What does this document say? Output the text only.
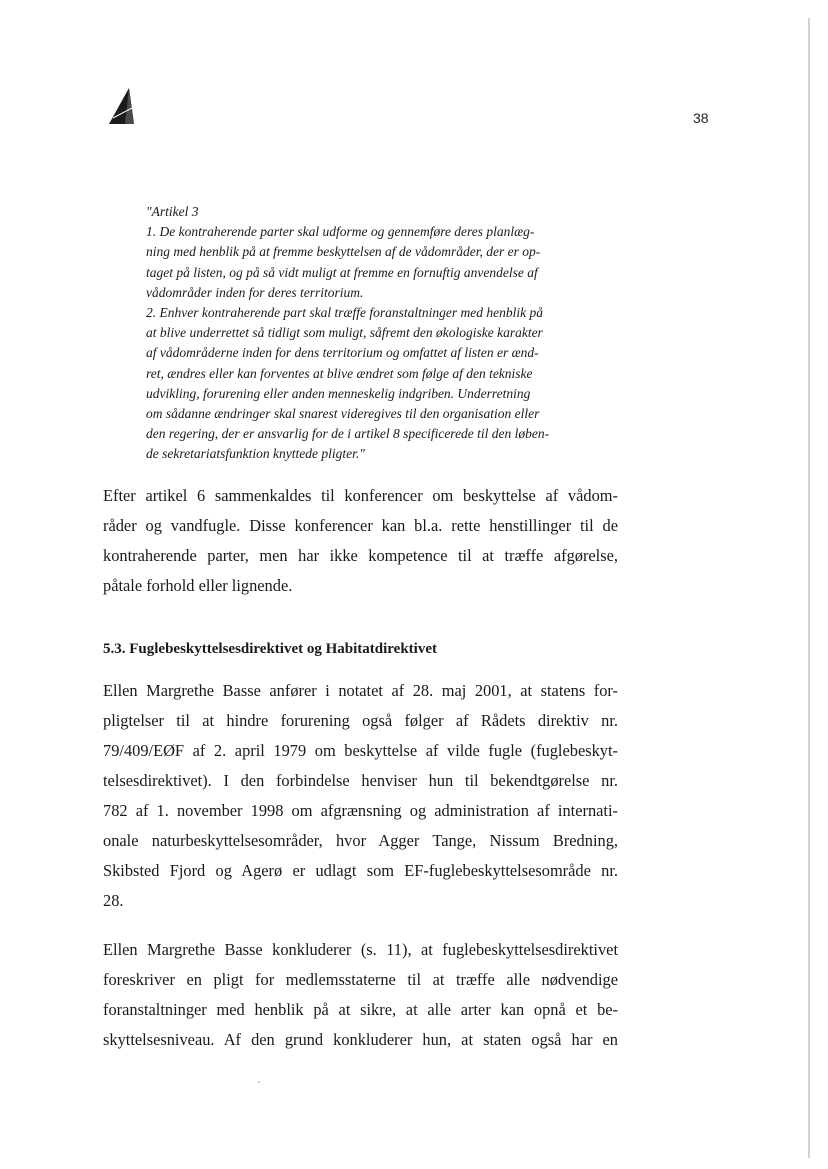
38
"Artikel 3
1. De kontraherende parter skal udforme og gennemføre deres planlæg-
ning med henblik på at fremme beskyttelsen af de vådområder, der er op-
taget på listen, og på så vidt muligt at fremme en fornuftig anvendelse af
vådområder inden for deres territorium.
2. Enhver kontraherende part skal træffe foranstaltninger med henblik på
at blive underrettet så tidligt som muligt, såfremt den økologiske karakter
af vådområderne inden for dens territorium og omfattet af listen er ænd-
ret, ændres eller kan forventes at blive ændret som følge af den tekniske
udvikling, forurening eller anden menneskelig indgriben. Underretning
om sådanne ændringer skal snarest videregives til den organisation eller
den regering, der er ansvarlig for de i artikel 8 specificerede til den løben-
de sekretariatsfunktion knyttede pligter."
Efter artikel 6 sammenkaldes til konferencer om beskyttelse af vådom-
råder og vandfugle. Disse konferencer kan bl.a. rette henstillinger til de
kontraherende parter, men har ikke kompetence til at træffe afgørelse,
påtale forhold eller lignende.
5.3. Fuglebeskyttelsesdirektivet og Habitatdirektivet
Ellen Margrethe Basse anfører i notatet af 28. maj 2001, at statens for-
pligtelser til at hindre forurening også følger af Rådets direktiv nr.
79/409/EØF af 2. april 1979 om beskyttelse af vilde fugle (fuglebeskyt-
telsesdirektivet). I den forbindelse henviser hun til bekendtgørelse nr.
782 af 1. november 1998 om afgrænsning og administration af internati-
onale naturbeskyttelsesområder, hvor Agger Tange, Nissum Bredning,
Skibsted Fjord og Agerø er udlagt som EF-fuglebeskyttelsesområde nr.
28.
Ellen Margrethe Basse konkluderer (s. 11), at fuglebeskyttelsesdirektivet
foreskriver en pligt for medlemsstaterne til at træffe alle nødvendige
foranstaltninger med henblik på at sikre, at alle arter kan opnå et be-
skyttelsesniveau. Af den grund konkluderer hun, at staten også har en
